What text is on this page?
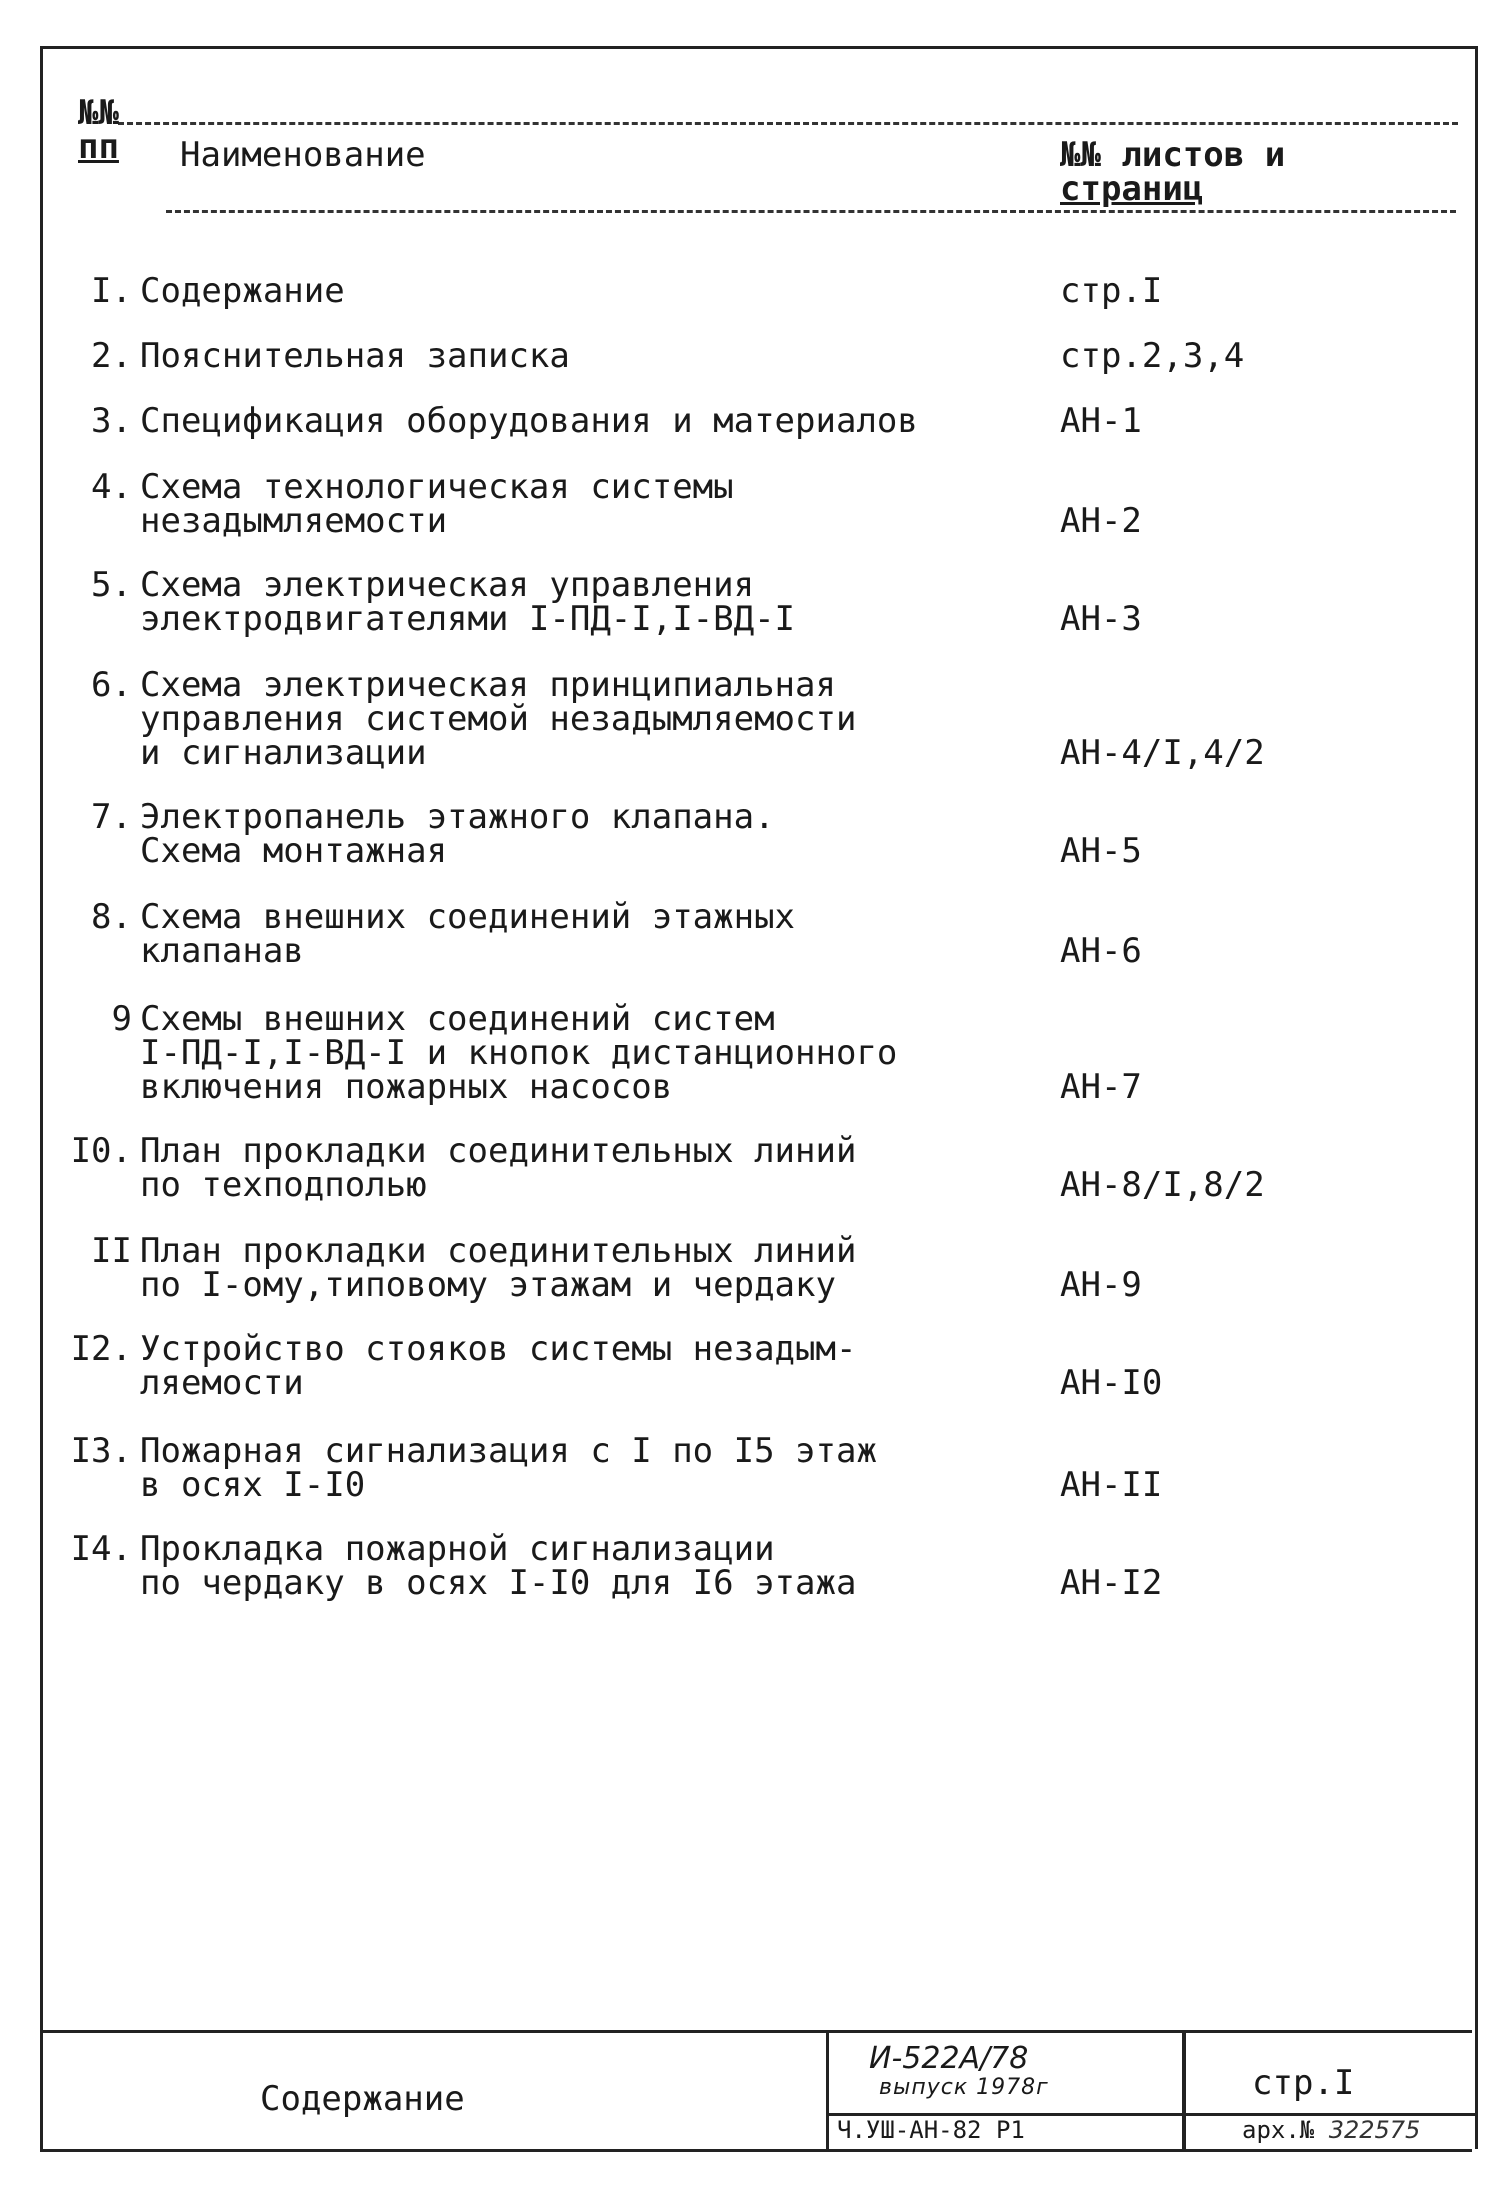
№№
пп Наименование	№№ листов и
страниц
I. Содержание	стр.I
2. Пояснительная записка	стр.2,3,4
3. Спецификация оборудования и материалов	АН-1
4. Схема технологическая системы
незадымляемости	АН-2
5. Схема электрическая управления
электродвигателями I-ПД-I,I-ВД-I	АН-3
6. Схема электрическая принципиальная
управления системой незадымляемости
и сигнализации	АН-4/I,4/2
7. Электропанель этажного клапана.
Схема монтажная	АН-5
8. Схема внешних соединений этажных
клапанав	АН-6
9 Схемы внешних соединений систем
I-ПД-I,I-ВД-I и кнопок дистанционного
включения пожарных насосов	АН-7
I0. План прокладки соединительных линий
по техподполью	АН-8/I,8/2
II План прокладки соединительных линий
по I-ому,типовому этажам и чердаку	АН-9
I2. Устройство стояков системы незадым-
ляемости	АН-I0
I3. Пожарная сигнализация с I по I5 этаж
в осях I-I0	АН-II
I4. Прокладка пожарной сигнализации
по чердаку в осях I-I0 для I6 этажа	АН-I2
Содержание
И-522А/78
выпуск 1978г
Ч.УШ-АН-82 Р1
стр.I
арх.№ 322575
